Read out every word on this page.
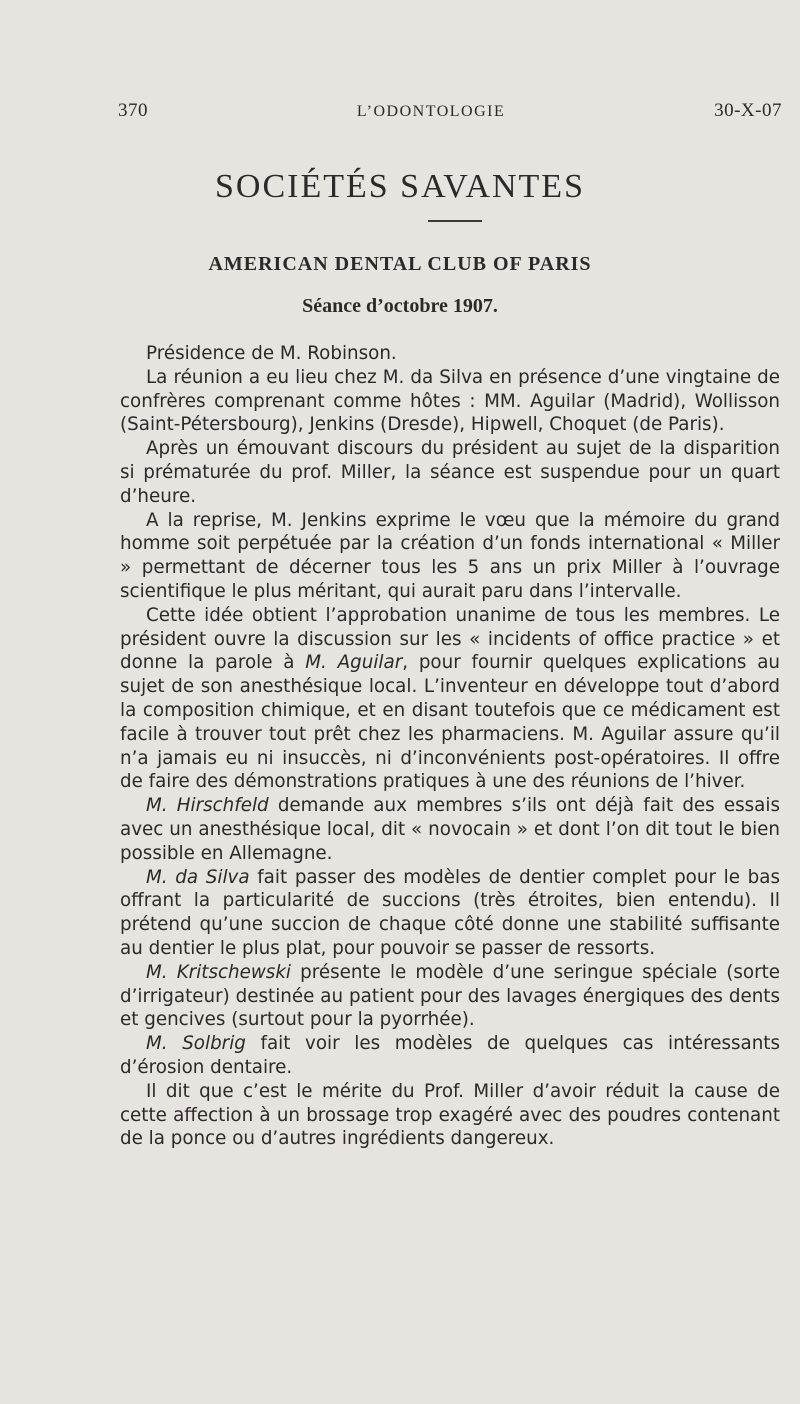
370	L’ODONTOLOGIE	30-X-07
SOCIÉTÉS SAVANTES
AMERICAN DENTAL CLUB OF PARIS
Séance d’octobre 1907.

Présidence de M. Robinson.

La réunion a eu lieu chez M. da Silva en présence d’une vingtaine de confrères comprenant comme hôtes : MM. Aguilar (Madrid), Wollisson (Saint-Pétersbourg), Jenkins (Dresde), Hipwell, Choquet (de Paris).

Après un émouvant discours du président au sujet de la disparition si prématurée du prof. Miller, la séance est suspendue pour un quart d’heure.

A la reprise, M. Jenkins exprime le vœu que la mémoire du grand homme soit perpétuée par la création d’un fonds international « Miller » permettant de décerner tous les 5 ans un prix Miller à l’ouvrage scientifique le plus méritant, qui aurait paru dans l’intervalle.

Cette idée obtient l’approbation unanime de tous les membres. Le président ouvre la discussion sur les « incidents of office practice » et donne la parole à M. Aguilar, pour fournir quelques explications au sujet de son anesthésique local. L’inventeur en développe tout d’abord la composition chimique, et en disant toutefois que ce médicament est facile à trouver tout prêt chez les pharmaciens. M. Aguilar assure qu’il n’a jamais eu ni insuccès, ni d’inconvénients post-opératoires. Il offre de faire des démonstrations pratiques à une des réunions de l’hiver.

M. Hirschfeld demande aux membres s’ils ont déjà fait des essais avec un anesthésique local, dit « novocain » et dont l’on dit tout le bien possible en Allemagne.

M. da Silva fait passer des modèles de dentier complet pour le bas offrant la particularité de succions (très étroites, bien entendu). Il prétend qu’une succion de chaque côté donne une stabilité suffisante au dentier le plus plat, pour pouvoir se passer de ressorts.

M. Kritschewski présente le modèle d’une seringue spéciale (sorte d’irrigateur) destinée au patient pour des lavages énergiques des dents et gencives (surtout pour la pyorrhée).

M. Solbrig fait voir les modèles de quelques cas intéressants d’érosion dentaire.

Il dit que c’est le mérite du Prof. Miller d’avoir réduit la cause de cette affection à un brossage trop exagéré avec des poudres contenant de la ponce ou d’autres ingrédients dangereux.
